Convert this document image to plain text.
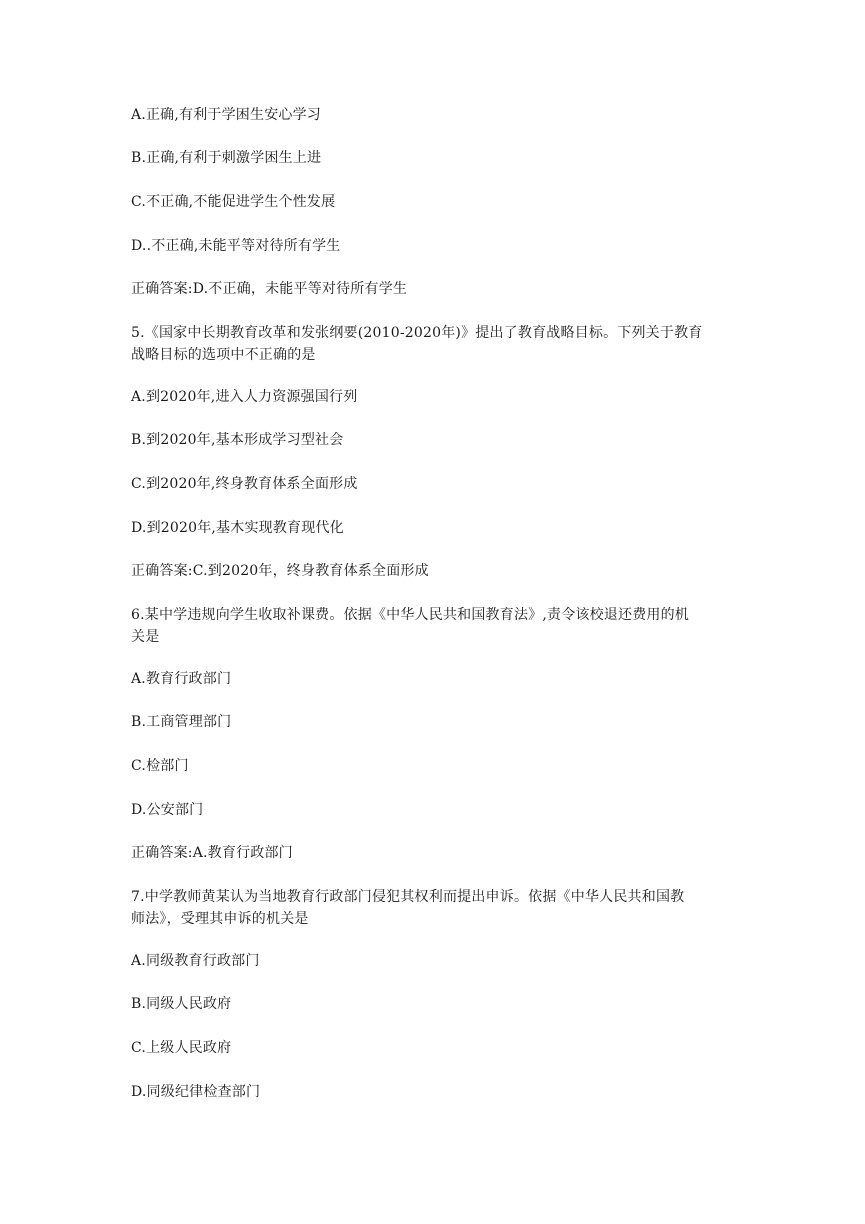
A.正确,有利于学困生安心学习
B.正确,有利于刺激学困生上进
C.不正确,不能促进学生个性发展
D..不正确,未能平等对待所有学生
正确答案:D.不正确，未能平等对待所有学生
5.《国家中长期教育改革和发张纲要(2010-2020年)》提出了教育战略目标。下列关于教育
战略目标的选项中不正确的是
A.到2020年,进入人力资源强国行列
B.到2020年,基本形成学习型社会
C.到2020年,终身教育体系全面形成
D.到2020年,基木实现教育现代化
正确答案:C.到2020年，终身教育体系全面形成
6.某中学违规向学生收取补课费。依据《中华人民共和国教育法》,责令该校退还费用的机
关是
A.教育行政部门
B.工商管理部门
C.检部门
D.公安部门
正确答案:A.教育行政部门
7.中学教师黄某认为当地教育行政部门侵犯其权利而提出申诉。依据《中华人民共和国教
师法》，受理其申诉的机关是
A.同级教育行政部门
B.同级人民政府
C.上级人民政府
D.同级纪律检查部门
